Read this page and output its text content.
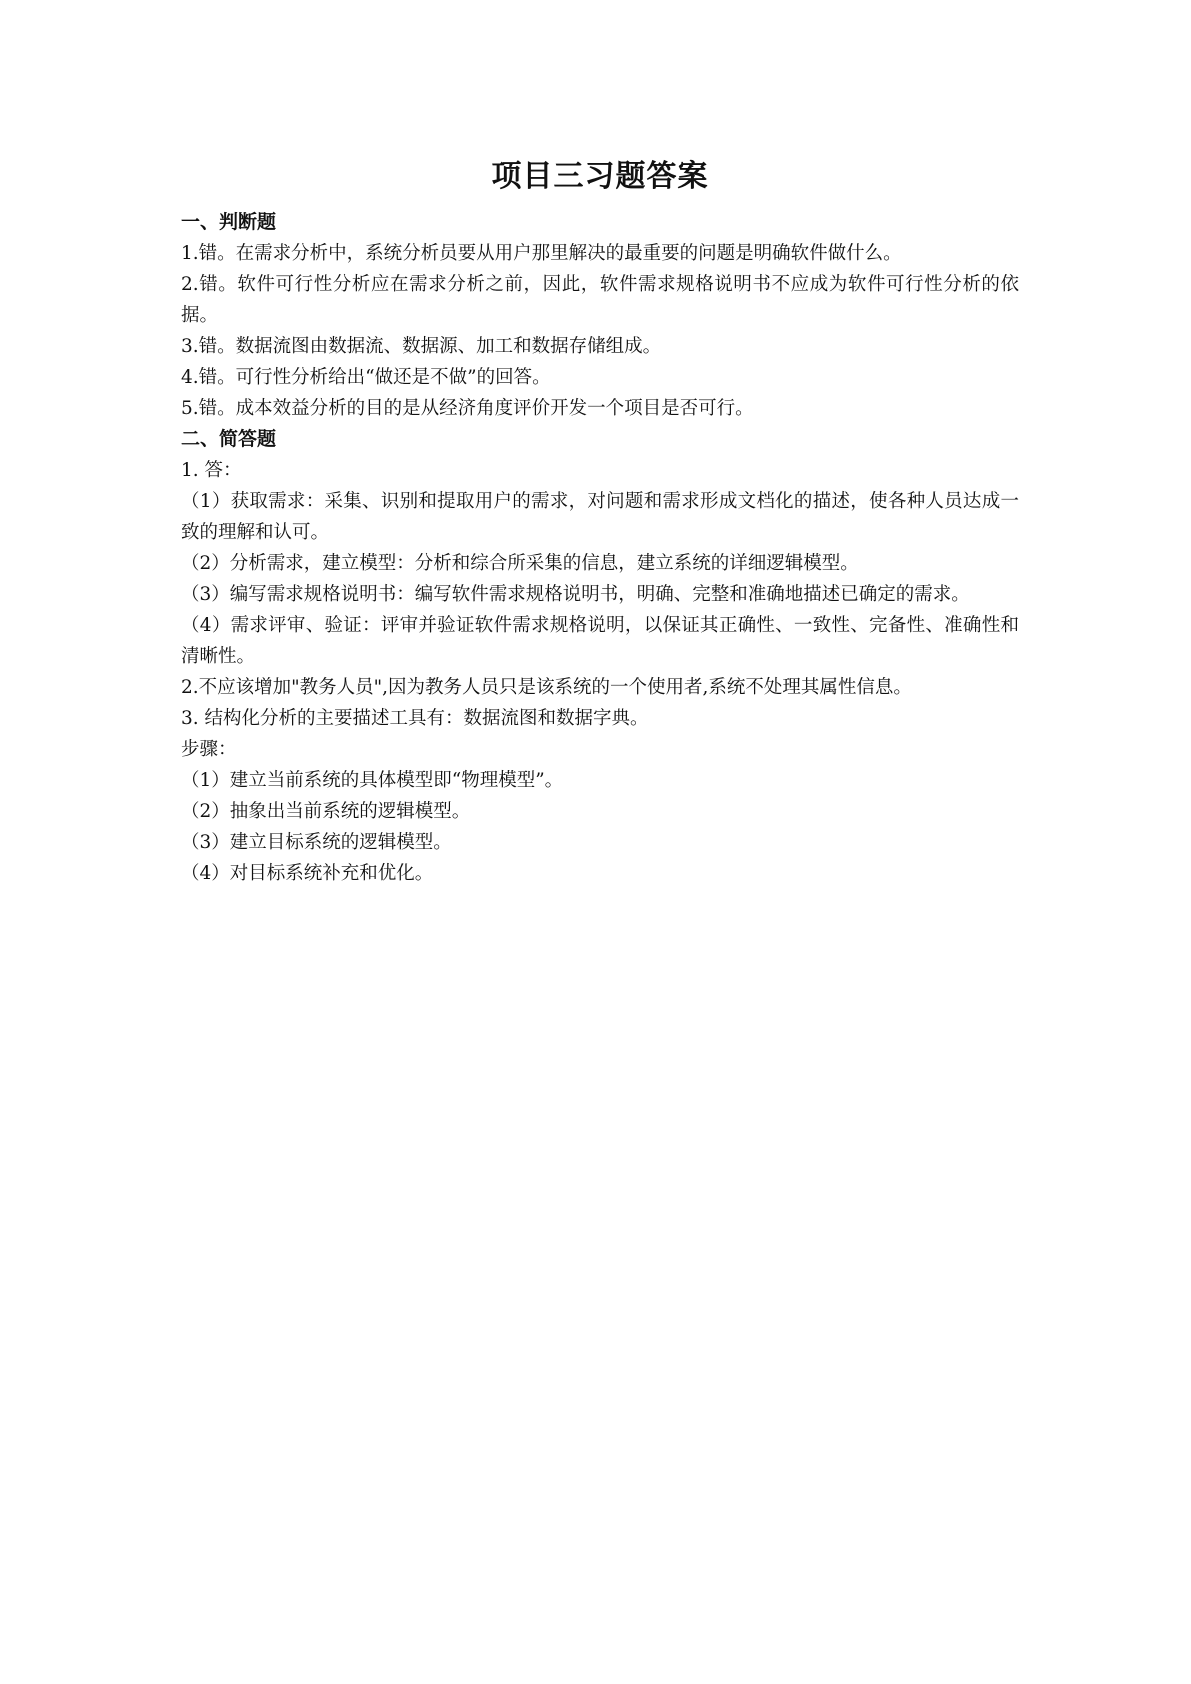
项目三习题答案

一、判断题

1.错。在需求分析中，系统分析员要从用户那里解决的最重要的问题是明确软件做什么。

2.错。软件可行性分析应在需求分析之前，因此，软件需求规格说明书不应成为软件可行性分析的依据。

3.错。数据流图由数据流、数据源、加工和数据存储组成。

4.错。可行性分析给出“做还是不做”的回答。

5.错。成本效益分析的目的是从经济角度评价开发一个项目是否可行。

二、简答题

1. 答：

（1）获取需求：采集、识别和提取用户的需求，对问题和需求形成文档化的描述，使各种人员达成一致的理解和认可。

（2）分析需求，建立模型：分析和综合所采集的信息，建立系统的详细逻辑模型。

（3）编写需求规格说明书：编写软件需求规格说明书，明确、完整和准确地描述已确定的需求。

（4）需求评审、验证：评审并验证软件需求规格说明，以保证其正确性、一致性、完备性、准确性和清晰性。

2.不应该增加"教务人员",因为教务人员只是该系统的一个使用者,系统不处理其属性信息。

3. 结构化分析的主要描述工具有：数据流图和数据字典。

步骤：

（1）建立当前系统的具体模型即“物理模型”。

（2）抽象出当前系统的逻辑模型。

（3）建立目标系统的逻辑模型。

（4）对目标系统补充和优化。
